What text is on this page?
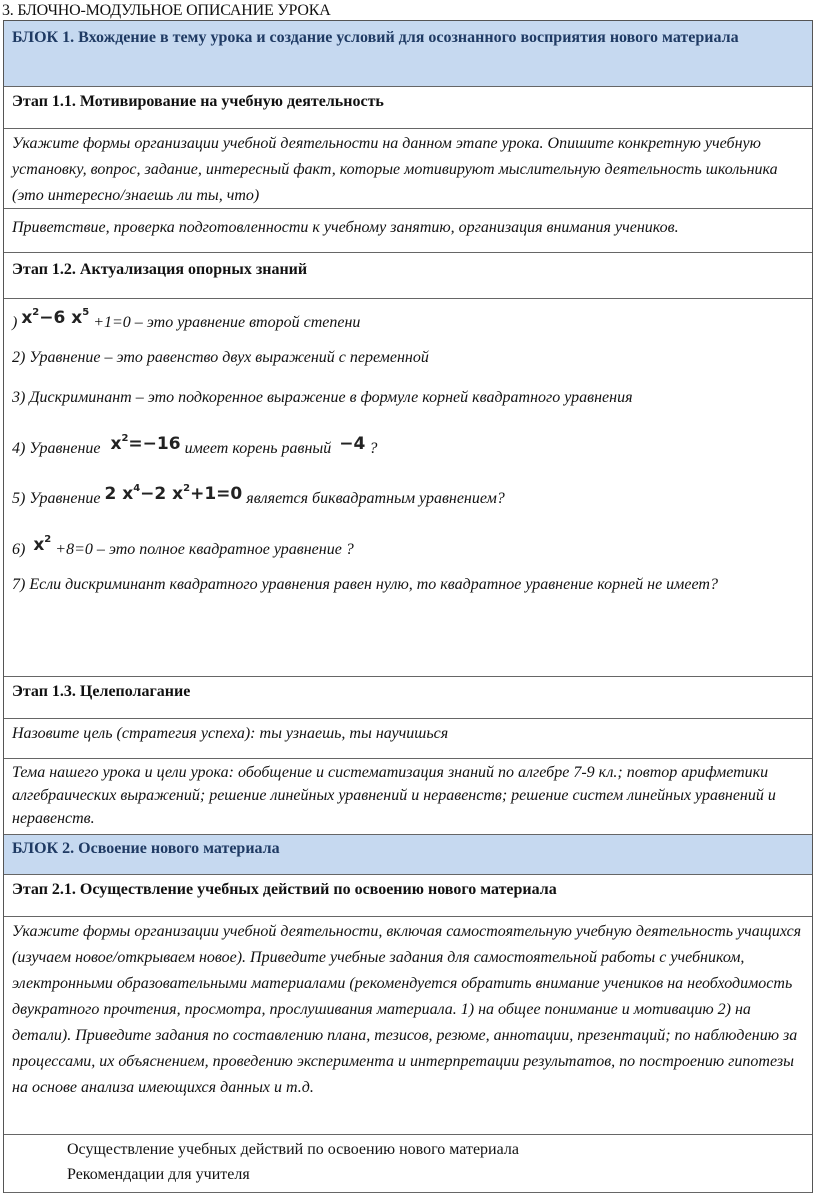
3. БЛОЧНО-МОДУЛЬНОЕ ОПИСАНИЕ УРОКА
БЛОК 1. Вхождение в тему урока и создание условий для осознанного восприятия нового материала
Этап 1.1. Мотивирование на учебную деятельность
Укажите формы организации учебной деятельности на данном этапе урока. Опишите конкретную учебную установку, вопрос, задание, интересный факт, которые мотивируют мыслительную деятельность школьника (это интересно/знаешь ли ты, что)
Приветствие, проверка подготовленности к учебному занятию, организация внимания учеников.
Этап 1.2. Актуализация опорных знаний
) $x^2-6$ $x^5 +1=0$ – это уравнение второй степени
2) Уравнение – это равенство двух выражений с переменной
3) Дискриминант – это подкоренное выражение в формуле корней квадратного уравнения
4) Уравнение $x^2=-16$ имеет корень равный −4 ?
5) Уравнение 2 $x^4-2$ $x^2+1=0$ является биквадратным уравнением?
6) $x^2 +8=0$ – это полное квадратное уравнение ?
7) Если дискриминант квадратного уравнения равен нулю, то квадратное уравнение корней не имеет?
Этап 1.3. Целеполагание
Назовите цель (стратегия успеха): ты узнаешь, ты научишься
Тема нашего урока и цели урока: обобщение и систематизация знаний по алгебре 7-9 кл.; повтор арифметики алгебраических выражений; решение линейных уравнений и неравенств; решение систем линейных уравнений и неравенств.
БЛОК 2. Освоение нового материала
Этап 2.1. Осуществление учебных действий по освоению нового материала
Укажите формы организации учебной деятельности, включая самостоятельную учебную деятельность учащихся (изучаем новое/открываем новое). Приведите учебные задания для самостоятельной работы с учебником, электронными образовательными материалами (рекомендуется обратить внимание учеников на необходимость двукратного прочтения, просмотра, прослушивания материала. 1) на общее понимание и мотивацию 2) на детали). Приведите задания по составлению плана, тезисов, резюме, аннотации, презентаций; по наблюдению за процессами, их объяснением, проведению эксперимента и интерпретации результатов, по построению гипотезы на основе анализа имеющихся данных и т.д.
Осуществление учебных действий по освоению нового материала
Рекомендации для учителя
